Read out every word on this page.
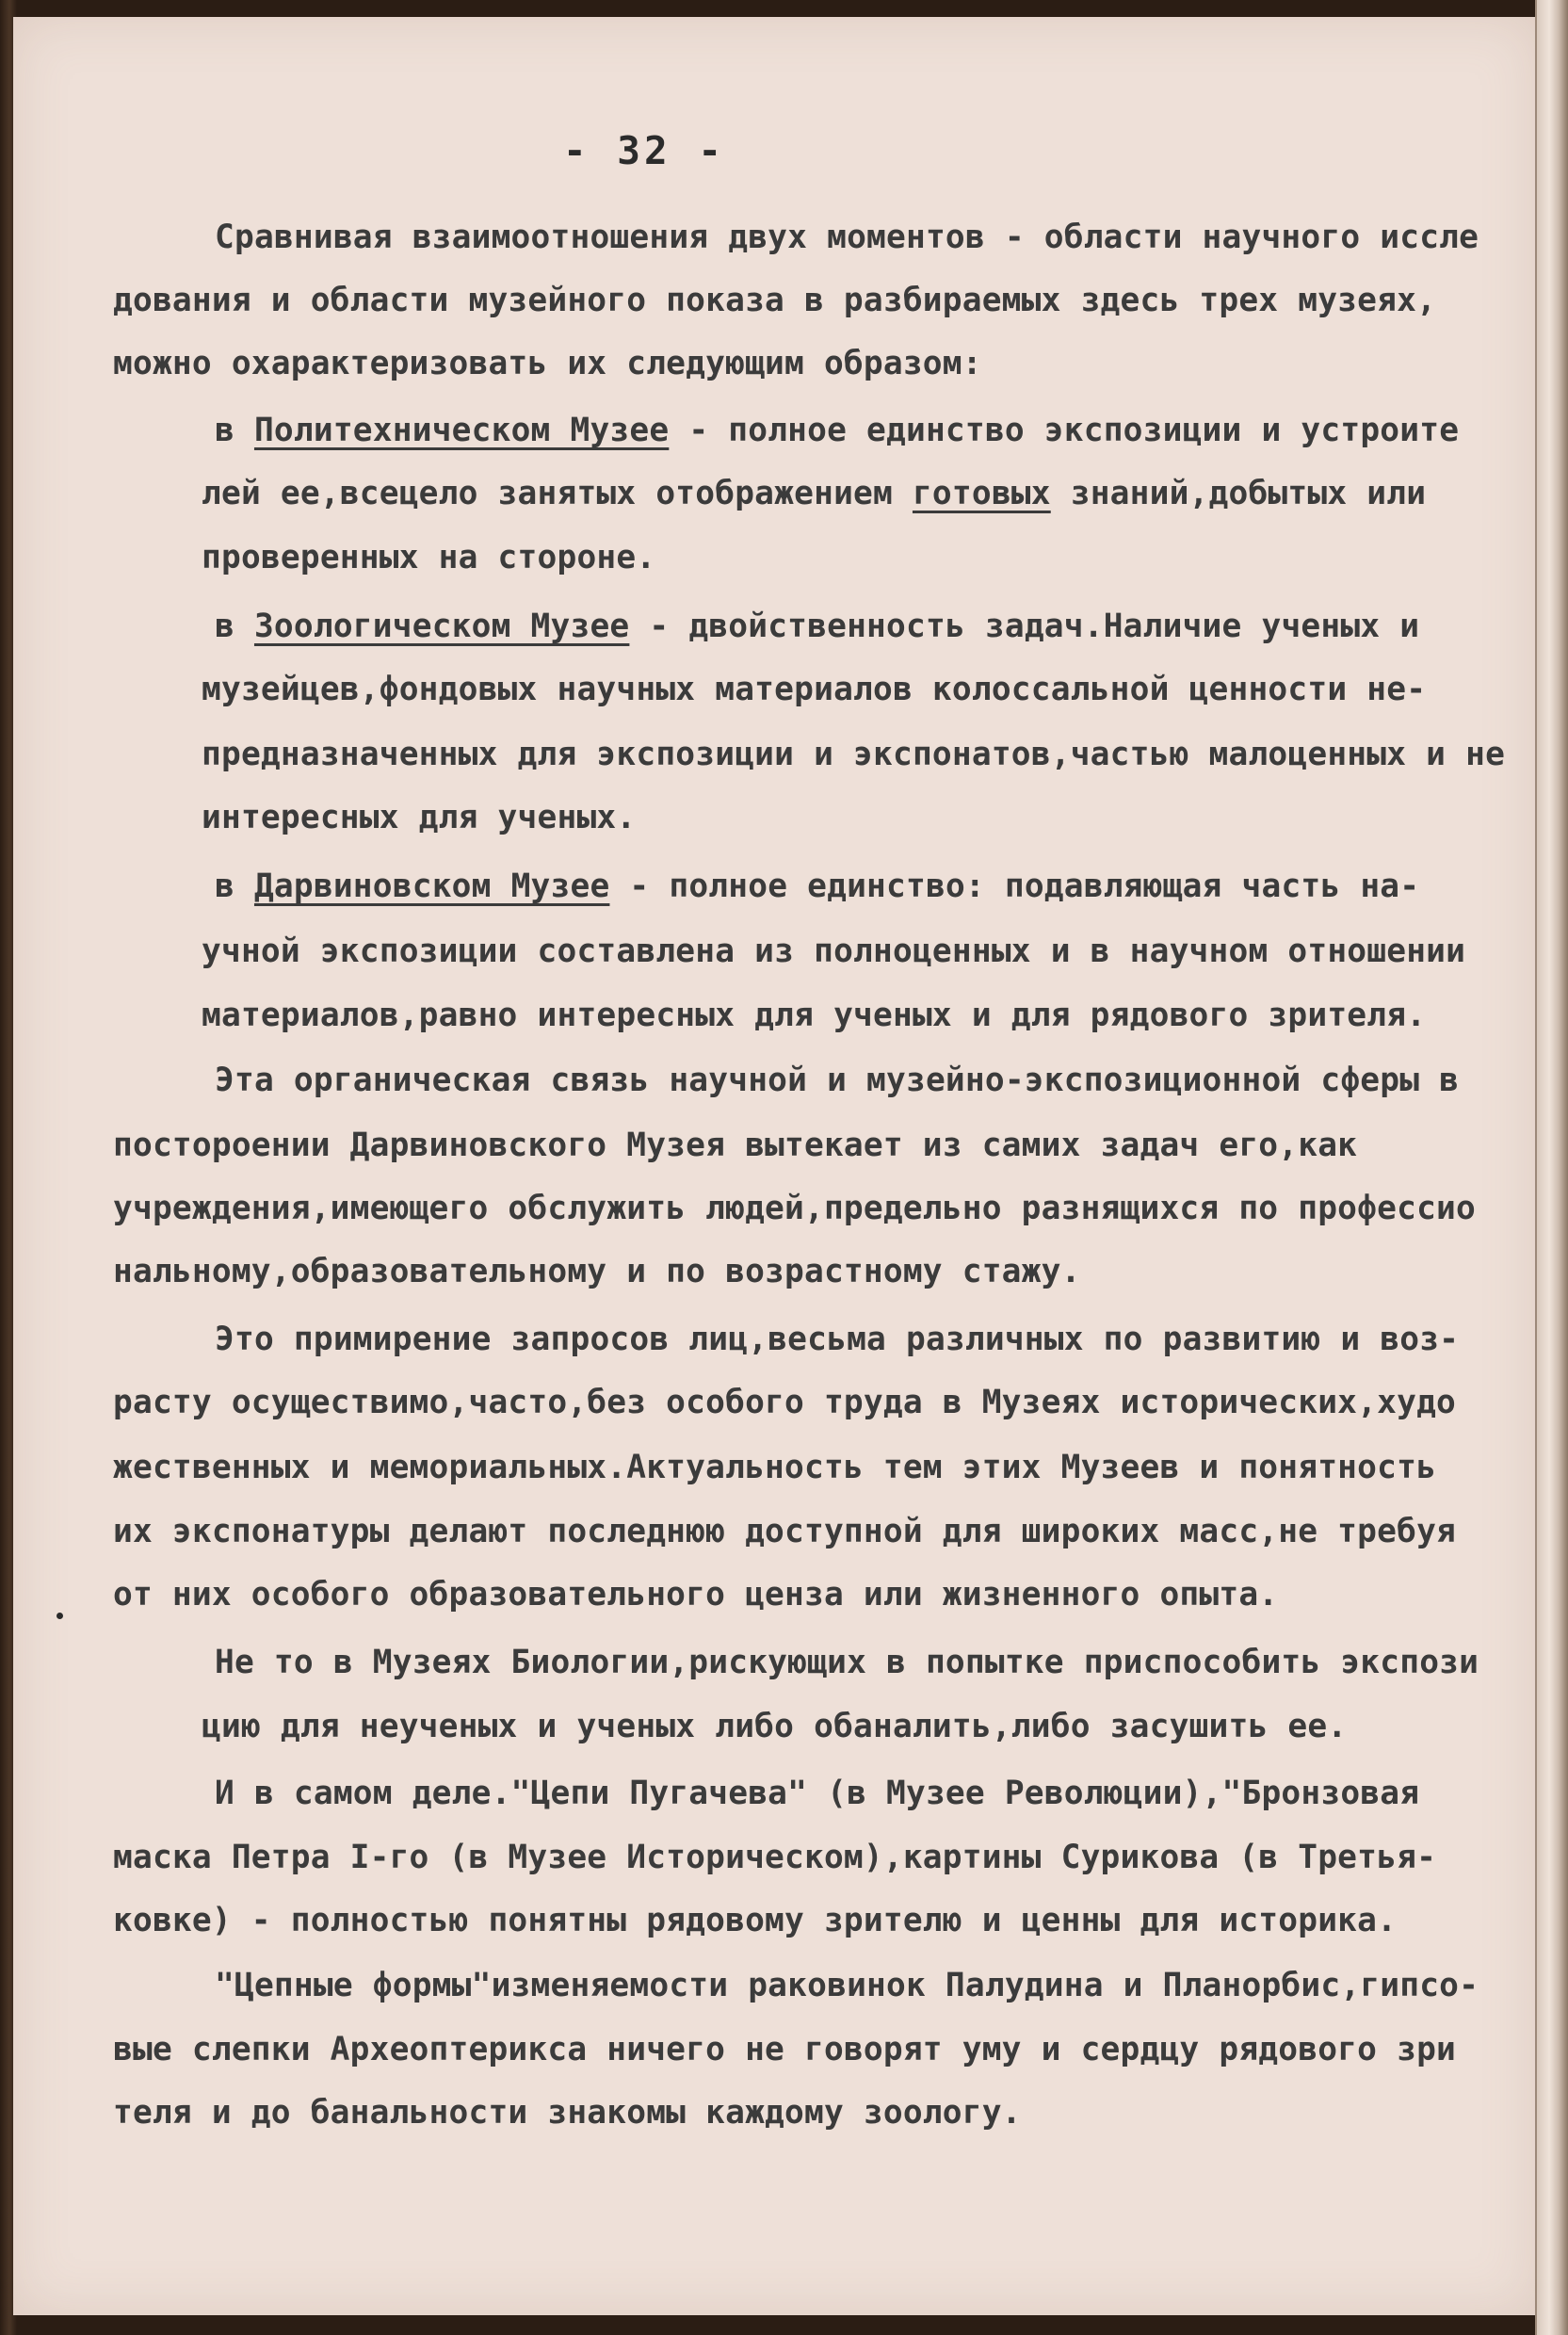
- 32 -
Сравнивая взаимоотношения двух моментов - области научного иссле
дования и области музейного показа в разбираемых здесь трех музеях,
можно охарактеризовать их следующим образом:
в Политехническом Музее - полное единство экспозиции и устроите
лей ее,всецело занятых отображением готовых знаний,добытых или
проверенных на стороне.
в Зоологическом Музее - двойственность задач.Наличие ученых и
музейцев,фондовых научных материалов колоссальной ценности не-
предназначенных для экспозиции и экспонатов,частью малоценных и не
интересных для ученых.
в Дарвиновском Музее - полное единство: подавляющая часть на-
учной экспозиции составлена из полноценных и в научном отношении
материалов,равно интересных для ученых и для рядового зрителя.
Эта органическая связь научной и музейно-экспозиционной сферы в
постороении Дарвиновского Музея вытекает из самих задач его,как
учреждения,имеющего обслужить людей,предельно разнящихся по профессио
нальному,образовательному и по возрастному стажу.
Это примирение запросов лиц,весьма различных по развитию и воз-
расту осуществимо,часто,без особого труда в Музеях исторических,худо
жественных и мемориальных.Актуальность тем этих Музеев и понятность
их экспонатуры делают последнюю доступной для широких масс,не требуя
от них особого образовательного ценза или жизненного опыта.
Не то в Музеях Биологии,рискующих в попытке приспособить экспози
цию для неученых и ученых либо обаналить,либо засушить ее.
И в самом деле."Цепи Пугачева" (в Музее Революции),"Бронзовая
маска Петра I-го (в Музее Историческом),картины Сурикова (в Третья-
ковке) - полностью понятны рядовому зрителю и ценны для историка.
"Цепные формы"изменяемости раковинок Палудина и Планорбис,гипсо-
вые слепки Археоптерикса ничего не говорят уму и сердцу рядового зри
теля и до банальности знакомы каждому зоологу.
